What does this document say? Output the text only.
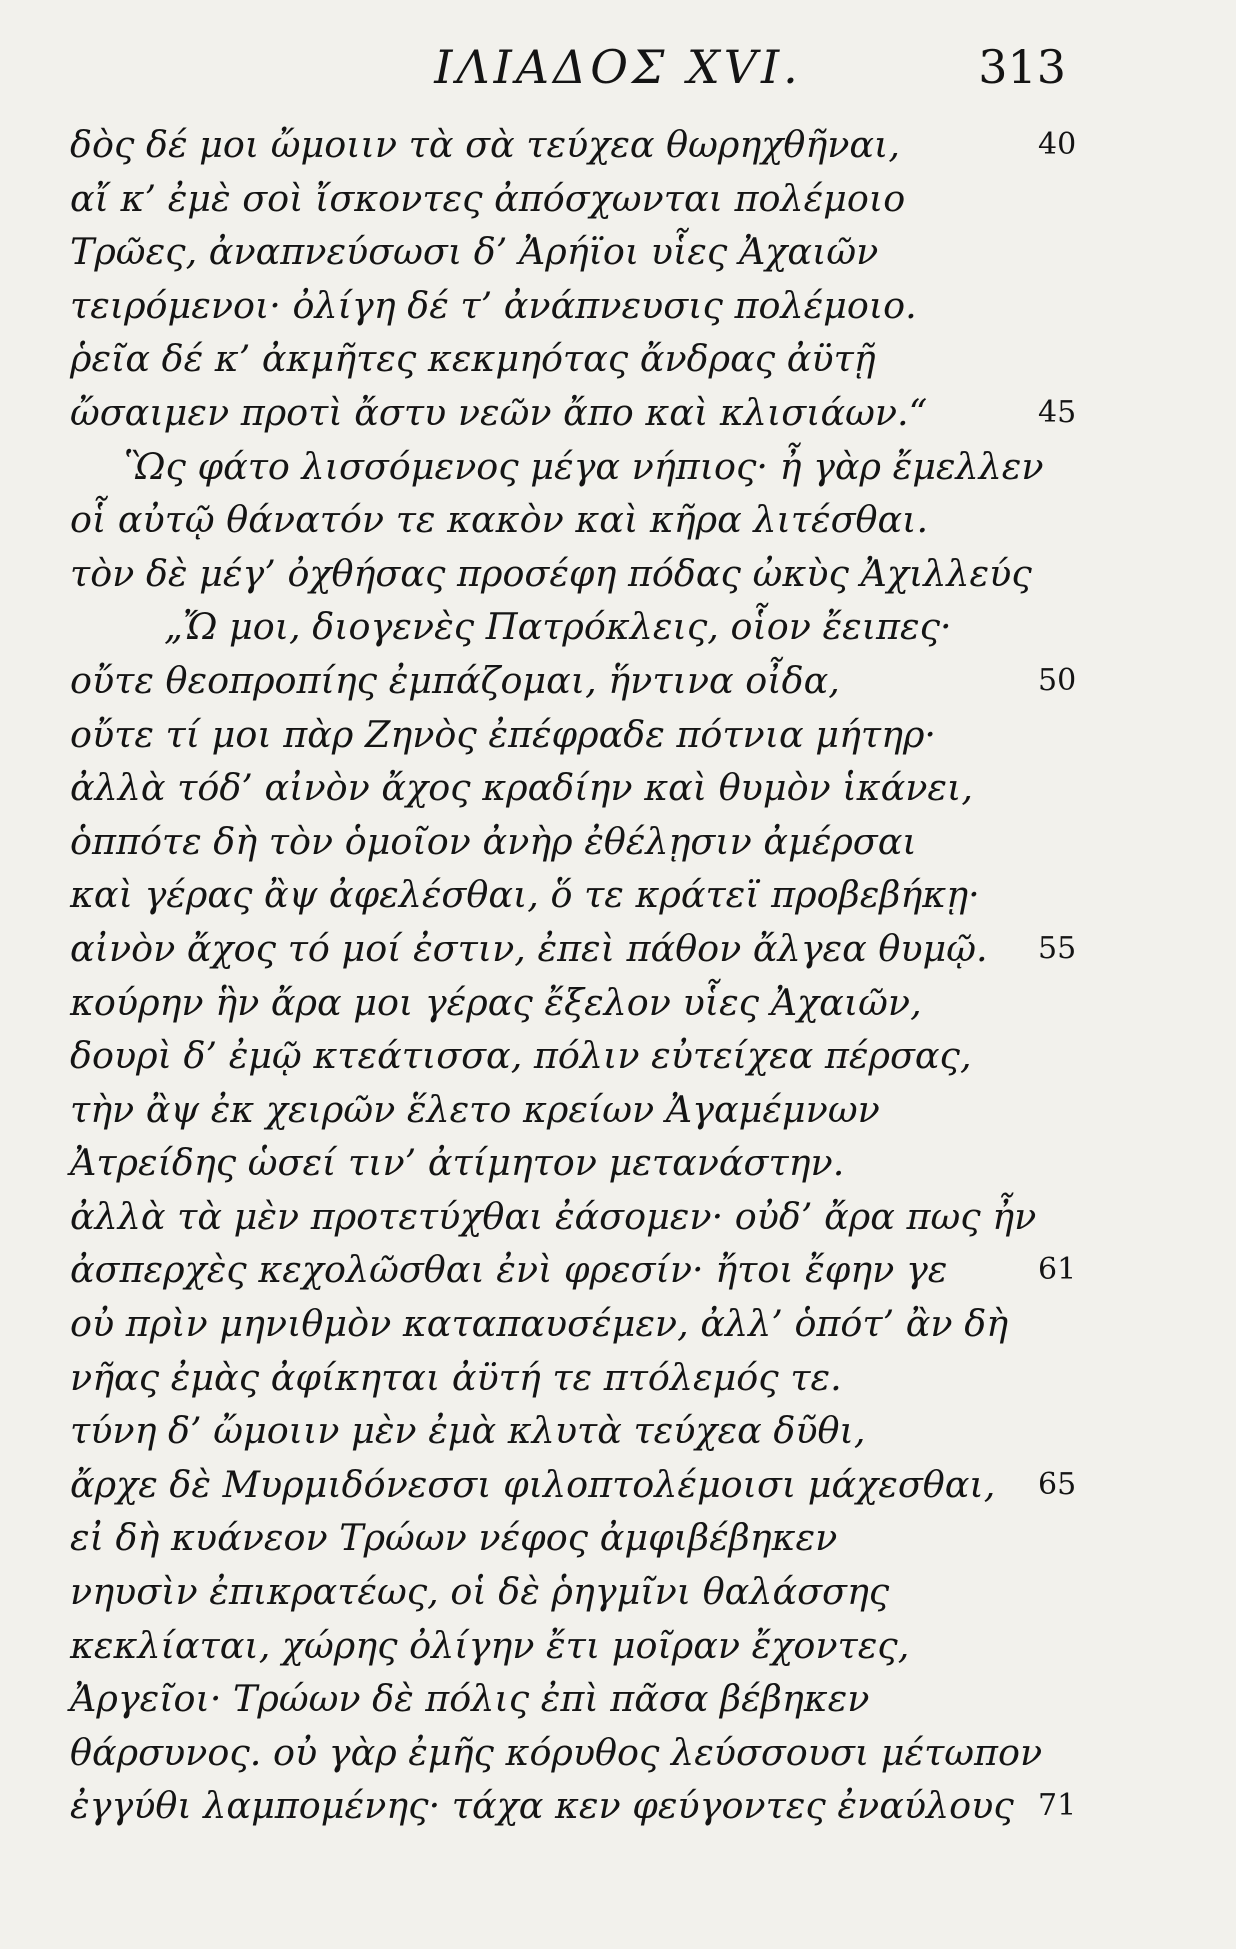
ΙΛΙΑΔΟΣ XVI.	313
δὸς δέ μοι ὤμοιιν τὰ σὰ τεύχεα θωρηχθῆναι,	40
αἴ κ’ ἐμὲ σοὶ ἴσκοντες ἀπόσχωνται πολέμοιο
Τρῶες, ἀναπνεύσωσι δ’ Ἀρήϊοι υἷες Ἀχαιῶν
τειρόμενοι· ὀλίγη δέ τ’ ἀνάπνευσις πολέμοιο.
ῥεῖα δέ κ’ ἀκμῆτες κεκμηότας ἄνδρας ἀϋτῇ
ὤσαιμεν προτὶ ἄστυ νεῶν ἄπο καὶ κλισιάων.“	45
Ὣς φάτο λισσόμενος μέγα νήπιος· ἦ γὰρ ἔμελλεν
οἷ αὐτῷ θάνατόν τε κακὸν καὶ κῆρα λιτέσθαι.
τὸν δὲ μέγ’ ὀχθήσας προσέφη πόδας ὠκὺς Ἀχιλλεύς
„Ὤ μοι, διογενὲς Πατρόκλεις, οἷον ἔειπες·
οὔτε θεοπροπίης ἐμπάζομαι, ἥντινα οἶδα,	50
οὔτε τί μοι πὰρ Ζηνὸς ἐπέφραδε πότνια μήτηρ·
ἀλλὰ τόδ’ αἰνὸν ἄχος κραδίην καὶ θυμὸν ἱκάνει,
ὁππότε δὴ τὸν ὁμοῖον ἀνὴρ ἐθέλῃσιν ἀμέρσαι
καὶ γέρας ἂψ ἀφελέσθαι, ὅ τε κράτεϊ προβεβήκῃ·
αἰνὸν ἄχος τό μοί ἐστιν, ἐπεὶ πάθον ἄλγεα θυμῷ. 55
κούρην ἣν ἄρα μοι γέρας ἔξελον υἷες Ἀχαιῶν,
δουρὶ δ’ ἐμῷ κτεάτισσα, πόλιν εὐτείχεα πέρσας,
τὴν ἂψ ἐκ χειρῶν ἕλετο κρείων Ἀγαμέμνων
Ἀτρείδης ὡσεί τιν’ ἀτίμητον μετανάστην.
ἀλλὰ τὰ μὲν προτετύχθαι ἐάσομεν· οὐδ’ ἄρα πως ἦν
ἀσπερχὲς κεχολῶσθαι ἐνὶ φρεσίν· ἤτοι ἔφην γε	61
οὐ πρὶν μηνιθμὸν καταπαυσέμεν, ἀλλ’ ὁπότ’ ἂν δὴ
νῆας ἐμὰς ἀφίκηται ἀϋτή τε πτόλεμός τε.
τύνη δ’ ὤμοιιν μὲν ἐμὰ κλυτὰ τεύχεα δῦθι,
ἄρχε δὲ Μυρμιδόνεσσι φιλοπτολέμοισι μάχεσθαι, 65
εἰ δὴ κυάνεον Τρώων νέφος ἀμφιβέβηκεν
νηυσὶν ἐπικρατέως, οἱ δὲ ῥηγμῖνι θαλάσσης
κεκλίαται, χώρης ὀλίγην ἔτι μοῖραν ἔχοντες,
Ἀργεῖοι· Τρώων δὲ πόλις ἐπὶ πᾶσα βέβηκεν
θάρσυνος. οὐ γὰρ ἐμῆς κόρυθος λεύσσουσι μέτωπον
ἐγγύθι λαμπομένης· τάχα κεν φεύγοντες ἐναύλους 71
